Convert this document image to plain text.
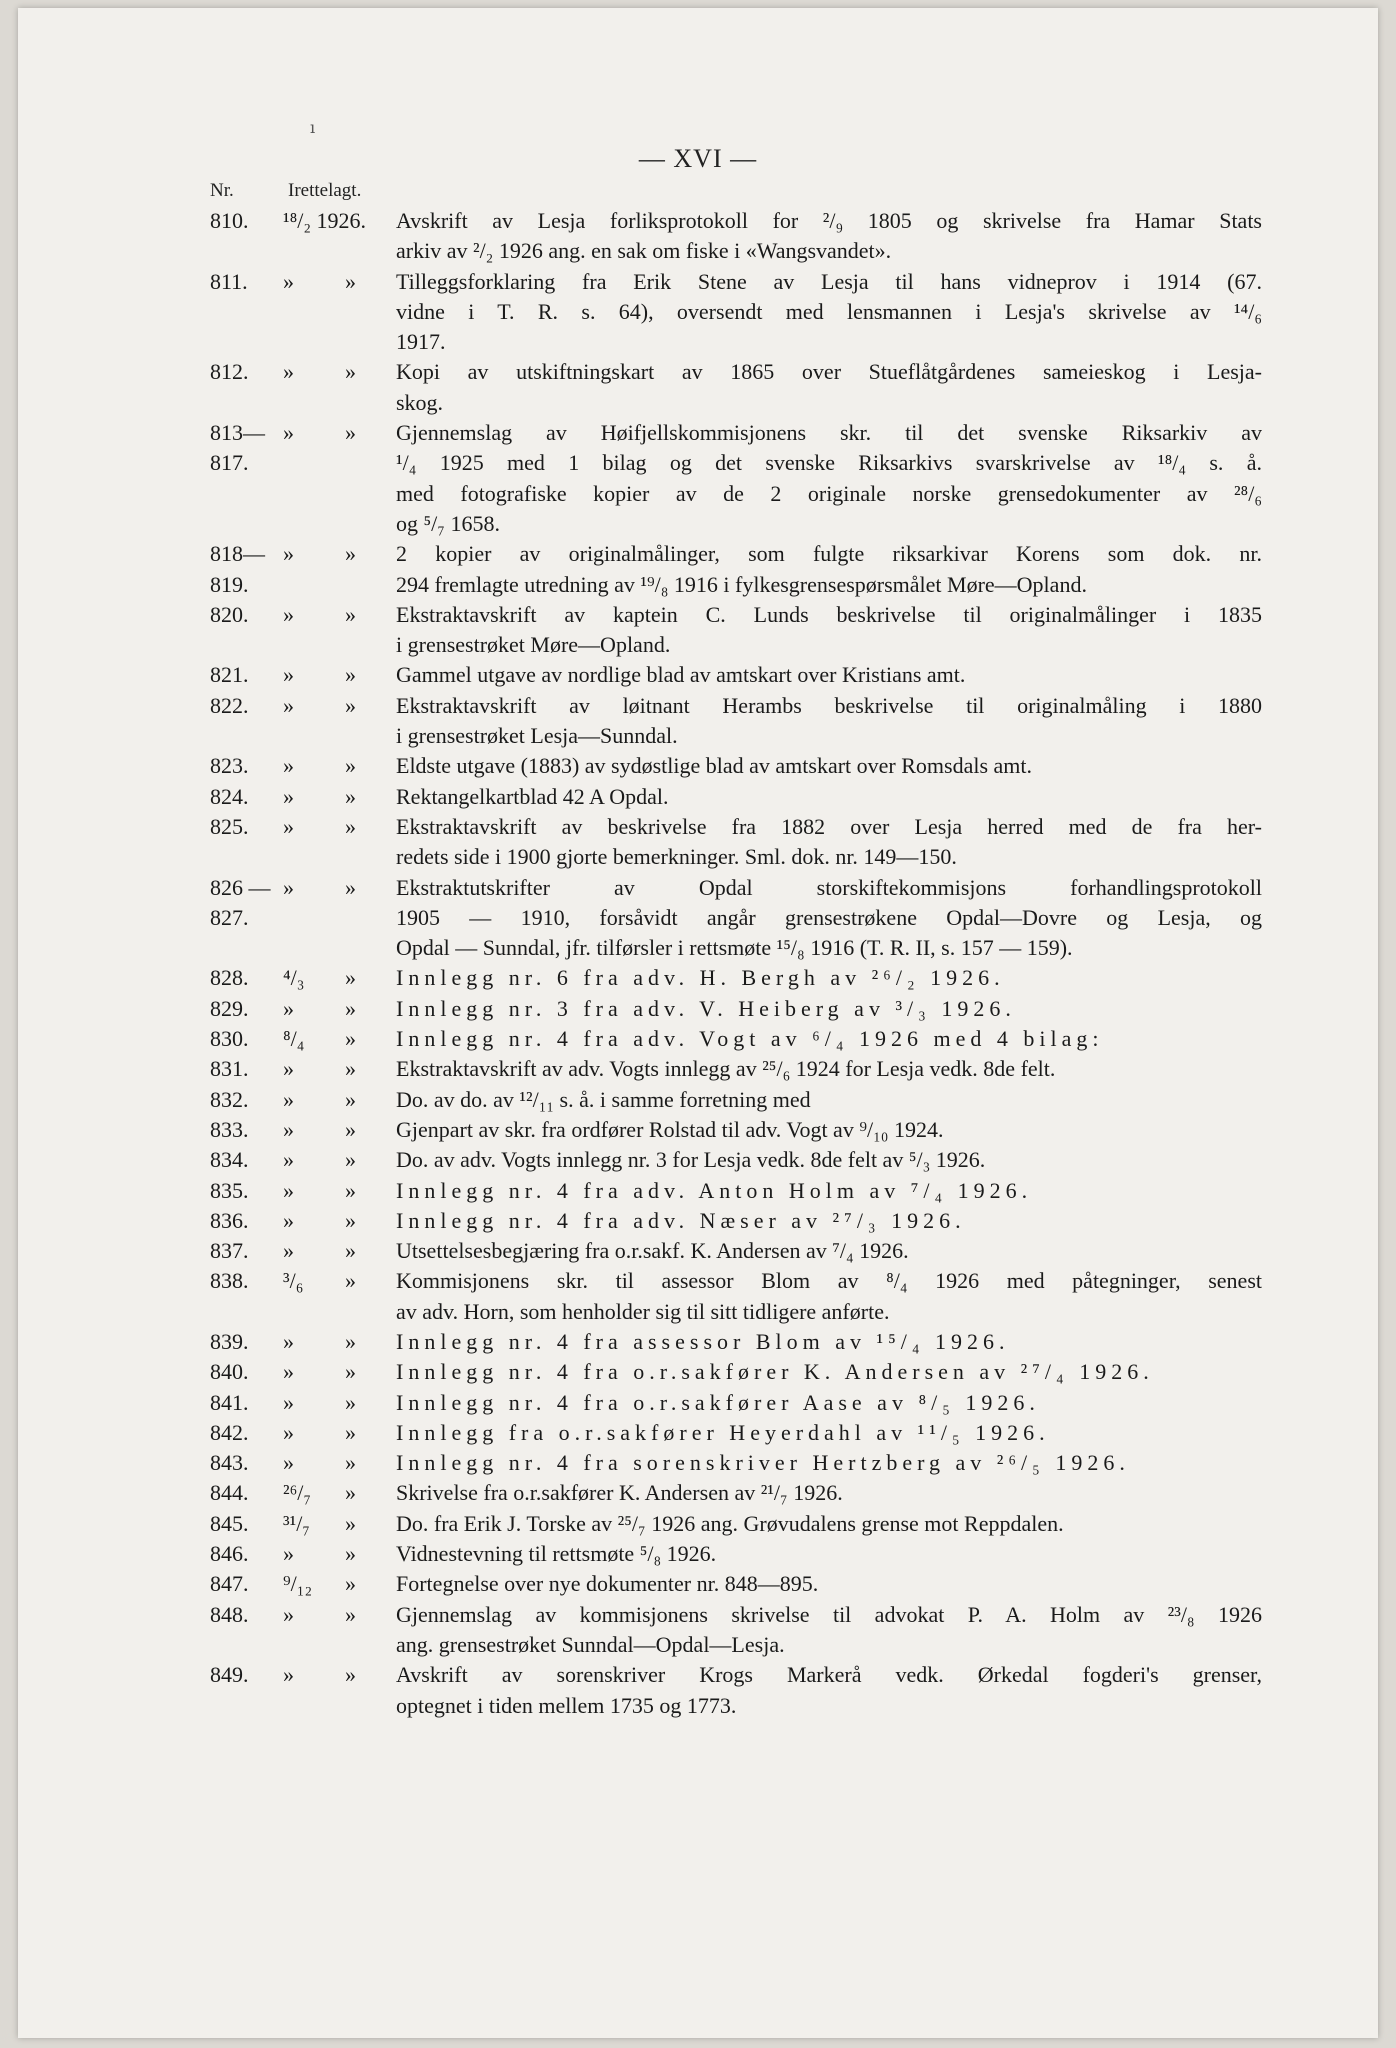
ı
— XVI —
Nr.	Irettelagt.
810. ¹⁸/₂ 1926. Avskrift av Lesja forliksprotokoll for ²/₉ 1805 og skrivelse fra Hamar Stats
arkiv av ²/₂ 1926 ang. en sak om fiske i «Wangsvandet».
811. » » Tilleggsforklaring fra Erik Stene av Lesja til hans vidneprov i 1914 (67.
vidne i T. R. s. 64), oversendt med lensmannen i Lesja's skrivelse av ¹⁴/₆
1917.
812. » » Kopi av utskiftningskart av 1865 over Stueflåtgårdenes sameieskog i Lesja-
skog.
813— » » Gjennemslag av Høifjellskommisjonens skr. til det svenske Riksarkiv av
817.	¹/₄ 1925 med 1 bilag og det svenske Riksarkivs svarskrivelse av ¹⁸/₄ s. å.
med fotografiske kopier av de 2 originale norske grensedokumenter av ²⁸/₆
og ⁵/₇ 1658.
818— » » 2 kopier av originalmålinger, som fulgte riksarkivar Korens som dok. nr.
819.	294 fremlagte utredning av ¹⁹/₈ 1916 i fylkesgrensespørsmålet Møre—Opland.
820. » » Ekstraktavskrift av kaptein C. Lunds beskrivelse til originalmålinger i 1835
i grensestrøket Møre—Opland.
821. » » Gammel utgave av nordlige blad av amtskart over Kristians amt.
822. » » Ekstraktavskrift av løitnant Herambs beskrivelse til originalmåling i 1880
i grensestrøket Lesja—Sunndal.
823. » » Eldste utgave (1883) av sydøstlige blad av amtskart over Romsdals amt.
824. » » Rektangelkartblad 42 A Opdal.
825. » » Ekstraktavskrift av beskrivelse fra 1882 over Lesja herred med de fra her-
redets side i 1900 gjorte bemerkninger. Sml. dok. nr. 149—150.
826 — » » Ekstraktutskrifter av Opdal storskiftekommisjons forhandlingsprotokoll
827.	1905 — 1910, forsåvidt angår grensestrøkene Opdal—Dovre og Lesja, og
Opdal — Sunndal, jfr. tilførsler i rettsmøte ¹⁵/₈ 1916 (T. R. II, s. 157 — 159).
828. ⁴/₃ » Innlegg nr. 6 fra adv. H. Bergh av ²⁶/₂ 1926.
829. » » Innlegg nr. 3 fra adv. V. Heiberg av ³/₃ 1926.
830. ⁸/₄ » Innlegg nr. 4 fra adv. Vogt av ⁶/₄ 1926 med 4 bilag:
831. » » Ekstraktavskrift av adv. Vogts innlegg av ²⁵/₆ 1924 for Lesja vedk. 8de felt.
832. » » Do. av do. av ¹²/₁₁ s. å. i samme forretning med
833. » » Gjenpart av skr. fra ordfører Rolstad til adv. Vogt av ⁹/₁₀ 1924.
834. » » Do. av adv. Vogts innlegg nr. 3 for Lesja vedk. 8de felt av ⁵/₃ 1926.
835. » » Innlegg nr. 4 fra adv. Anton Holm av ⁷/₄ 1926.
836. » » Innlegg nr. 4 fra adv. Næser av ²⁷/₃ 1926.
837. » » Utsettelsesbegjæring fra o.r.sakf. K. Andersen av ⁷/₄ 1926.
838. ³/₆ » Kommisjonens skr. til assessor Blom av ⁸/₄ 1926 med påtegninger, senest
av adv. Horn, som henholder sig til sitt tidligere anførte.
839. » » Innlegg nr. 4 fra assessor Blom av ¹⁵/₄ 1926.
840. » » Innlegg nr. 4 fra o.r.sakfører K. Andersen av ²⁷/₄ 1926.
841. » » Innlegg nr. 4 fra o.r.sakfører Aase av ⁸/₅ 1926.
842. » » Innlegg fra o.r.sakfører Heyerdahl av ¹¹/₅ 1926.
843. » » Innlegg nr. 4 fra sorenskriver Hertzberg av ²⁶/₅ 1926.
844. ²⁶/₇ » Skrivelse fra o.r.sakfører K. Andersen av ²¹/₇ 1926.
845. ³¹/₇ » Do. fra Erik J. Torske av ²⁵/₇ 1926 ang. Grøvudalens grense mot Reppdalen.
846. » » Vidnestevning til rettsmøte ⁵/₈ 1926.
847. ⁹/₁₂ » Fortegnelse over nye dokumenter nr. 848—895.
848. » » Gjennemslag av kommisjonens skrivelse til advokat P. A. Holm av ²³/₈ 1926
ang. grensestrøket Sunndal—Opdal—Lesja.
849. » » Avskrift av sorenskriver Krogs Markerå vedk. Ørkedal fogderi's grenser,
optegnet i tiden mellem 1735 og 1773.
